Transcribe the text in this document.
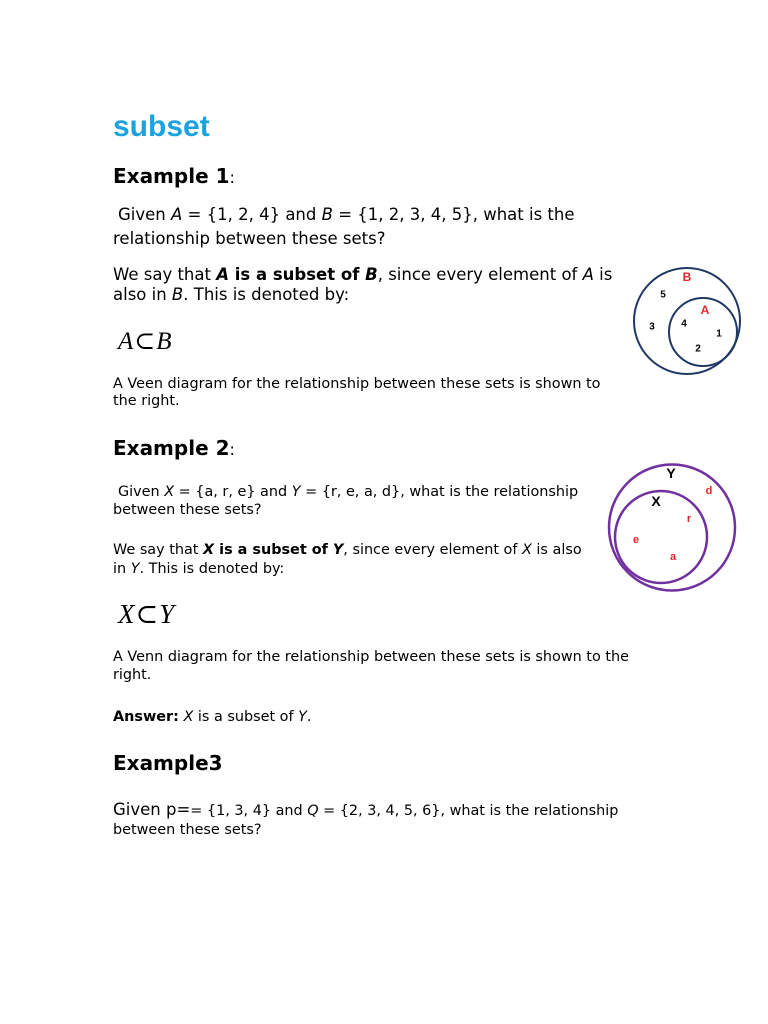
subset
Example 1:

Given A = {1, 2, 4} and B = {1, 2, 3, 4, 5}, what is the
relationship between these sets?

We say that A is a subset of B, since every element of A is
also in B. This is denoted by:

A⊂B

A Veen diagram for the relationship between these sets is shown to
the right.

B
5
A
3	4
1
2
Example 2:

Given X = {a, r, e} and Y = {r, e, a, d}, what is the relationship
between these sets?

We say that X is a subset of Y, since every element of X is also
in Y. This is denoted by:

X⊂Y

A Venn diagram for the relationship between these sets is shown to the
right.

Answer: X is a subset of Y.

Y
X
d
r
e
a
Example3

Given p== {1, 3, 4} and Q = {2, 3, 4, 5, 6}, what is the relationship
between these sets?
